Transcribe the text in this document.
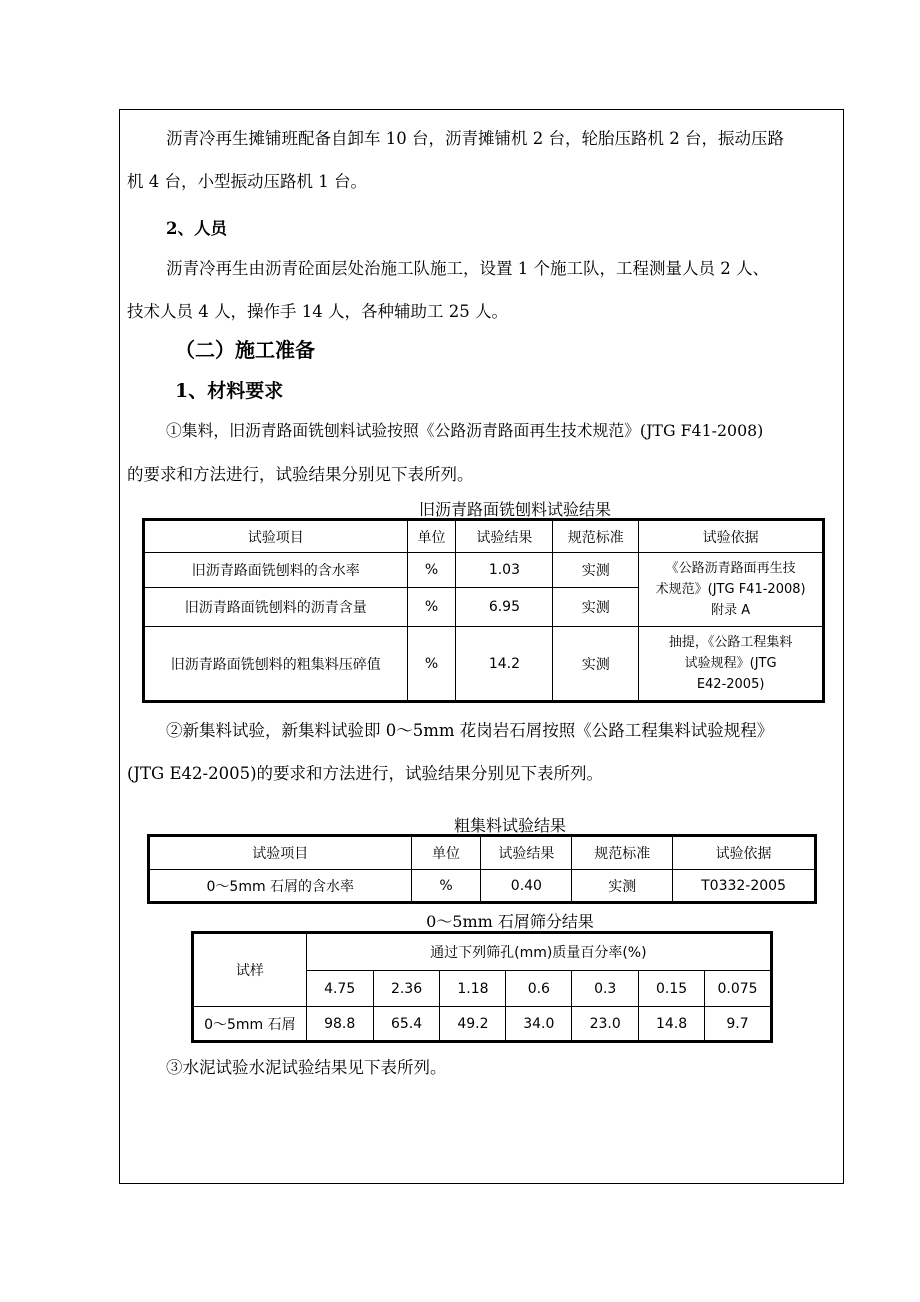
沥青冷再生摊铺班配备自卸车 10 台，沥青摊铺机 2 台，轮胎压路机 2 台，振动压路
机 4 台，小型振动压路机 1 台。
2、人员
沥青冷再生由沥青砼面层处治施工队施工，设置 1 个施工队，工程测量人员 2 人、
技术人员 4 人，操作手 14 人，各种辅助工 25 人。
（二）施工准备
1、材料要求
①集料，旧沥青路面铣刨料试验按照《公路沥青路面再生技术规范》(JTG F41-2008)
的要求和方法进行，试验结果分别见下表所列。
旧沥青路面铣刨料试验结果
试验项目	单位	试验结果	规范标准	试验依据
旧沥青路面铣刨料的含水率	%	1.03	实测	《公路沥青路面再生技
术规范》(JTG F41-2008)
附录 A

旧沥青路面铣刨料的沥青含量	%	6.95	实测	
旧沥青路面铣刨料的粗集料压碎值	%	14.2	实测	抽提，《公路工程集料
试验规程》(JTG
E42-2005)
②新集料试验，新集料试验即 0～5mm 花岗岩石屑按照《公路工程集料试验规程》
(JTG E42-2005)的要求和方法进行，试验结果分别见下表所列。
粗集料试验结果
试验项目	单位	试验结果	规范标准	试验依据
0～5mm 石屑的含水率	%	0.40	实测	T0332-2005
0～5mm 石屑筛分结果
试样	通过下列筛孔(mm)质量百分率(%)						
	4.75	2.36	1.18	0.6	0.3	0.15	0.075
0～5mm 石屑	98.8	65.4	49.2	34.0	23.0	14.8	9.7
③水泥试验水泥试验结果见下表所列。
